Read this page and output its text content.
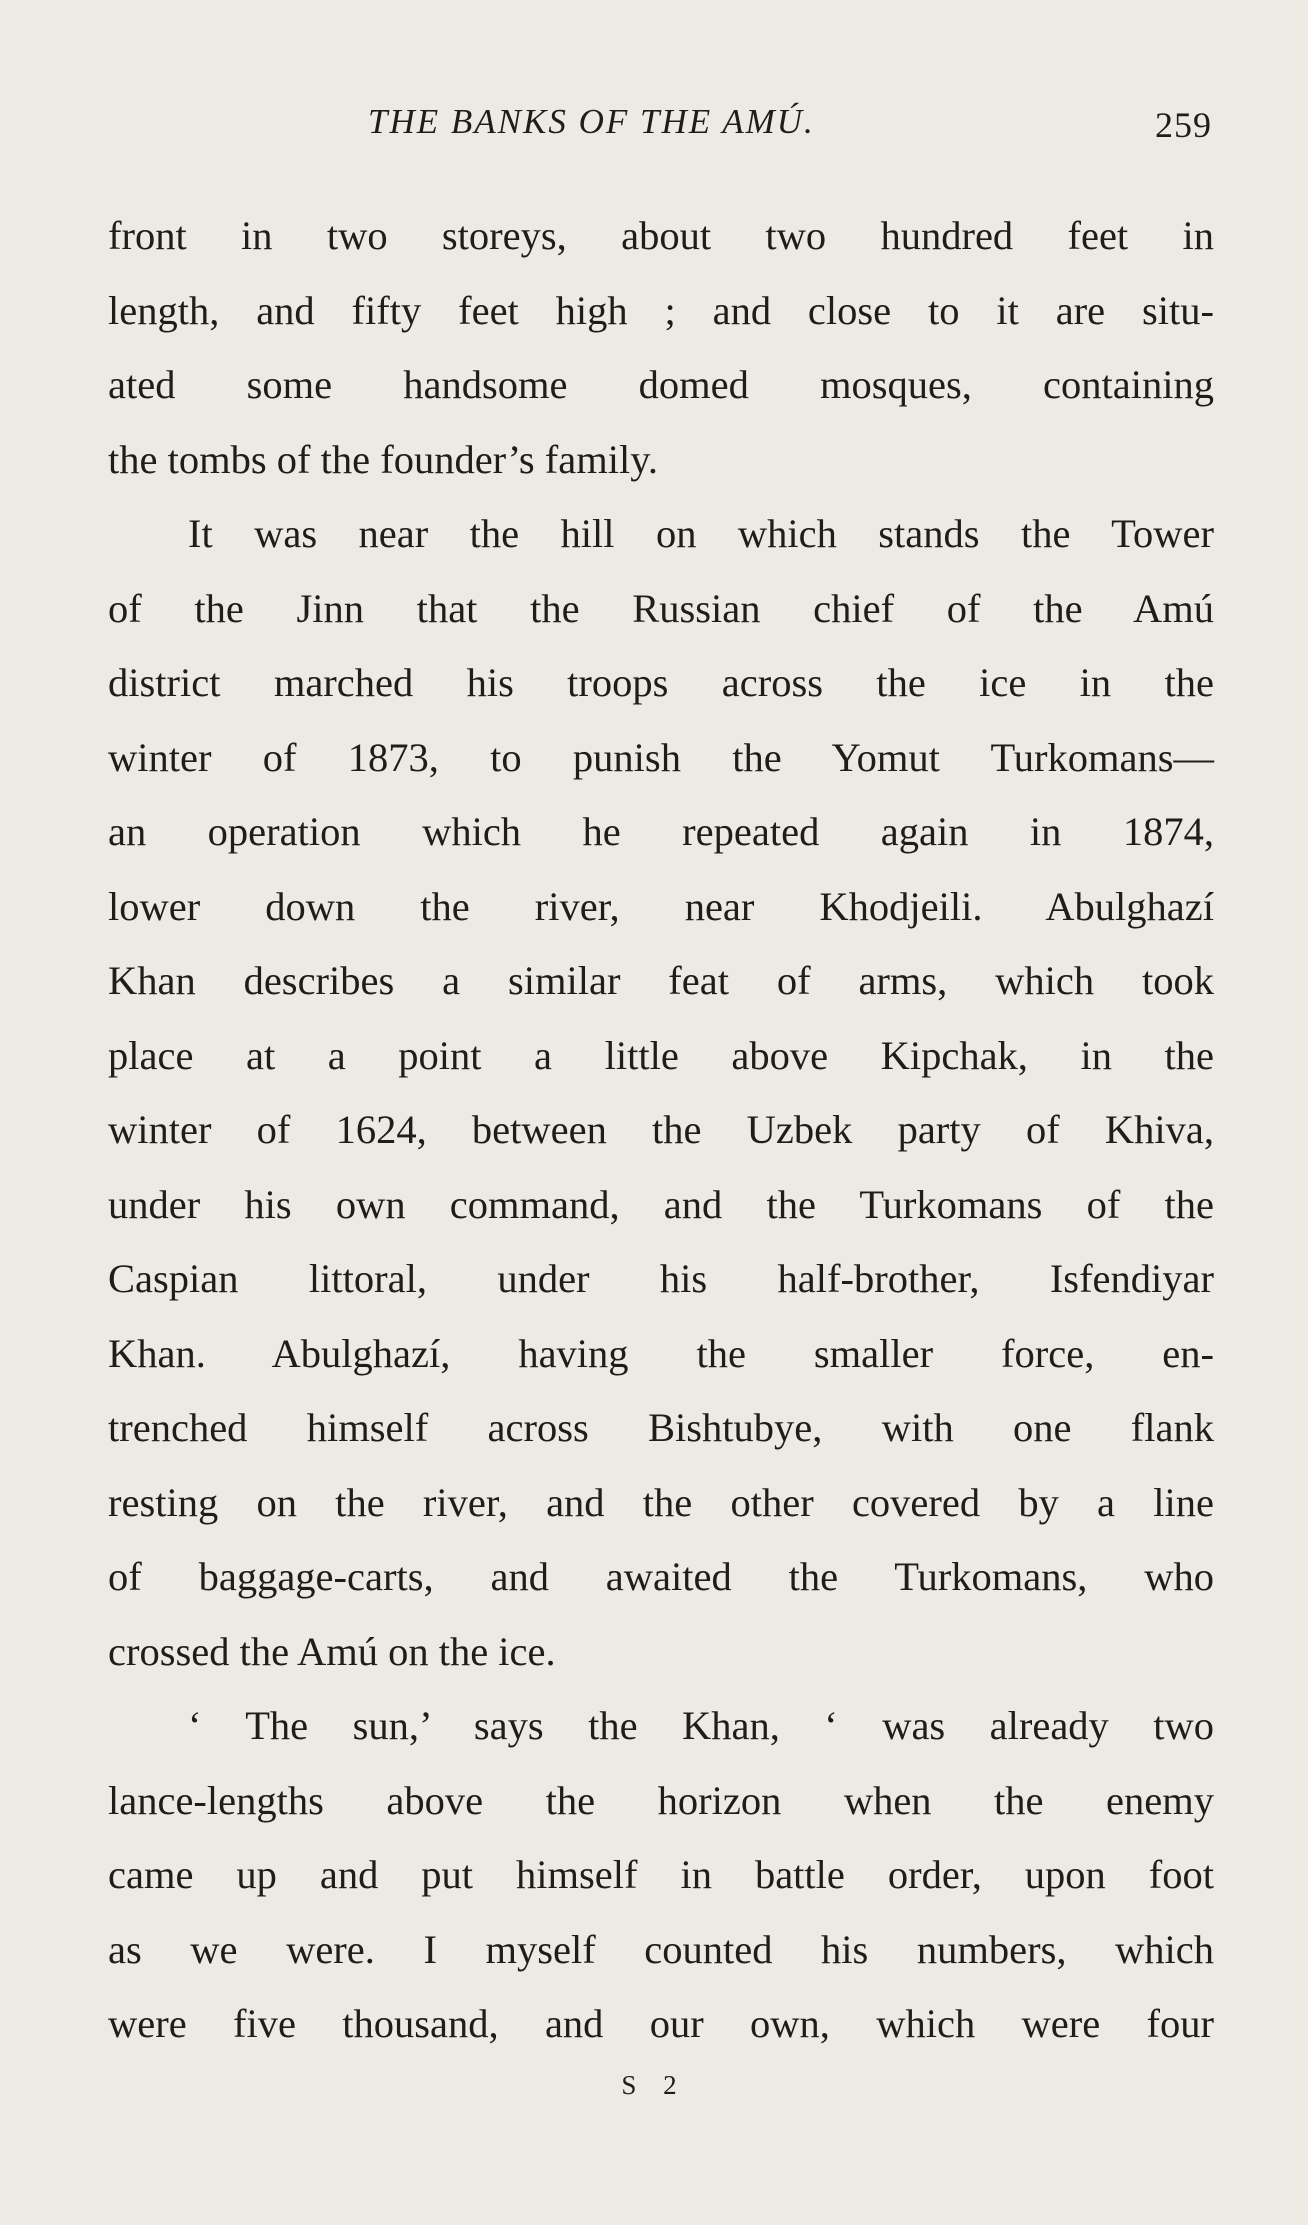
THE BANKS OF THE AMÚ.	259
front in two storeys, about two hundred feet in
length, and fifty feet high ; and close to it are situ-
ated some handsome domed mosques, containing
the tombs of the founder’s family.
It was near the hill on which stands the Tower
of the Jinn that the Russian chief of the Amú
district marched his troops across the ice in the
winter of 1873, to punish the Yomut Turkomans—
an operation which he repeated again in 1874,
lower down the river, near Khodjeili. Abulghazí
Khan describes a similar feat of arms, which took
place at a point a little above Kipchak, in the
winter of 1624, between the Uzbek party of Khiva,
under his own command, and the Turkomans of the
Caspian littoral, under his half-brother, Isfendiyar
Khan. Abulghazí, having the smaller force, en-
trenched himself across Bishtubye, with one flank
resting on the river, and the other covered by a line
of baggage-carts, and awaited the Turkomans, who
crossed the Amú on the ice.
‘ The sun,’ says the Khan, ‘ was already two
lance-lengths above the horizon when the enemy
came up and put himself in battle order, upon foot
as we were. I myself counted his numbers, which
were five thousand, and our own, which were four
S 2
